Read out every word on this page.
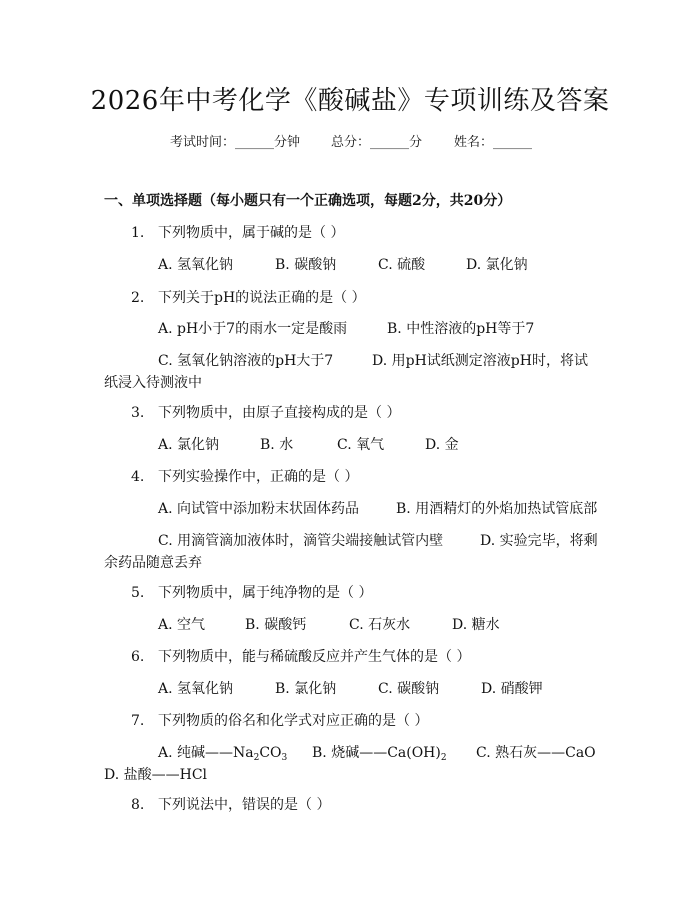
2026年中考化学《酸碱盐》专项训练及答案
考试时间：______分钟 总分：______分 姓名：______
一、单项选择题（每小题只有一个正确选项，每题2分，共20分）
1. 下列物质中，属于碱的是（ ）
A. 氢氧化钠	B. 碳酸钠	C. 硫酸	D. 氯化钠
2. 下列关于pH的说法正确的是（ ）
A. pH小于7的雨水一定是酸雨	B. 中性溶液的pH等于7
C. 氢氧化钠溶液的pH大于7	D. 用pH试纸测定溶液pH时，将试
纸浸入待测液中
3. 下列物质中，由原子直接构成的是（ ）
A. 氯化钠	B. 水	C. 氧气	D. 金
4. 下列实验操作中，正确的是（ ）
A. 向试管中添加粉末状固体药品	B. 用酒精灯的外焰加热试管底部
C. 用滴管滴加液体时，滴管尖端接触试管内壁	D. 实验完毕，将剩
余药品随意丢弃
5. 下列物质中，属于纯净物的是（ ）
A. 空气	B. 碳酸钙	C. 石灰水	D. 糖水
6. 下列物质中，能与稀硫酸反应并产生气体的是（ ）
A. 氢氧化钠	B. 氯化钠	C. 碳酸钠	D. 硝酸钾
7. 下列物质的俗名和化学式对应正确的是（ ）
A. 纯碱$——Na_2CO_3$ B. 烧碱$——Ca(OH)_2$ C. 熟石灰——CaO
D. 盐酸——HCl
8. 下列说法中，错误的是（ ）
